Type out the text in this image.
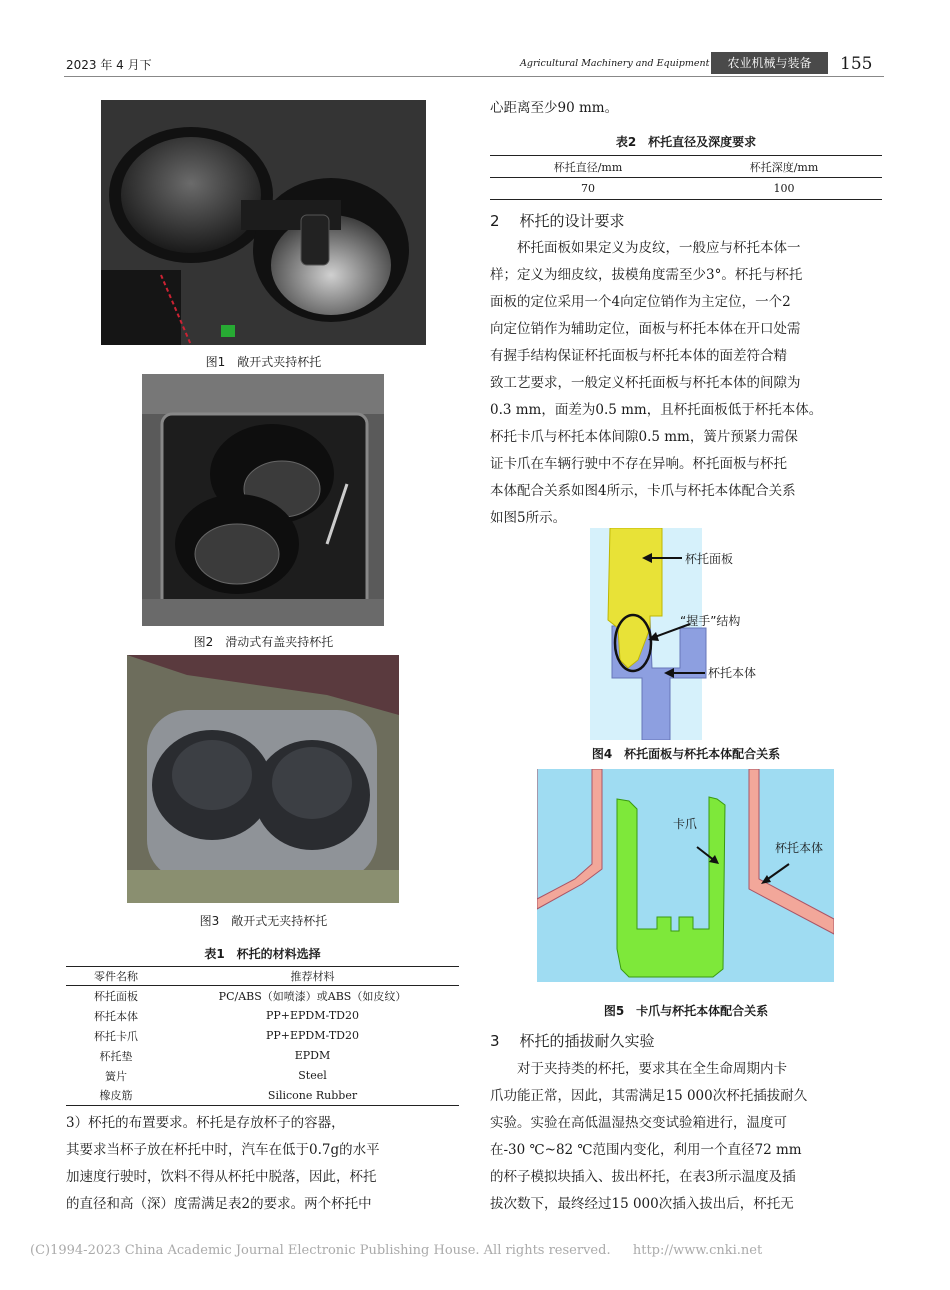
2023 年 4 月下	Agricultural Machinery and Equipment	农业机械与装备	155
图1　敞开式夹持杯托
图2　滑动式有盖夹持杯托
图3　敞开式无夹持杯托
表1　杯托的材料选择
零件名称	推荐材料
杯托面板	PC/ABS（如喷漆）或ABS（如皮纹）
杯托本体	PP+EPDM-TD20
杯托卡爪	PP+EPDM-TD20
杯托垫	EPDM
簧片	Steel
橡皮筋	Silicone Rubber
3）杯托的布置要求。杯托是存放杯子的容器，
其要求当杯子放在杯托中时，汽车在低于0.7g的水平
加速度行驶时，饮料不得从杯托中脱落，因此，杯托
的直径和高（深）度需满足表2的要求。两个杯托中
心距离至少90 mm。
表2　杯托直径及深度要求
杯托直径/mm	杯托深度/mm
70	100
2 杯托的设计要求
杯托面板如果定义为皮纹，一般应与杯托本体一
样；定义为细皮纹，拔模角度需至少3°。杯托与杯托
面板的定位采用一个4向定位销作为主定位，一个2
向定位销作为辅助定位，面板与杯托本体在开口处需
有握手结构保证杯托面板与杯托本体的面差符合精
致工艺要求，一般定义杯托面板与杯托本体的间隙为
0.3 mm，面差为0.5 mm，且杯托面板低于杯托本体。
杯托卡爪与杯托本体间隙0.5 mm，簧片预紧力需保
证卡爪在车辆行驶中不存在异响。杯托面板与杯托
本体配合关系如图4所示，卡爪与杯托本体配合关系
如图5所示。
杯托面板
“握手”结构
杯托本体
图4　杯托面板与杯托本体配合关系
卡爪
杯托本体
图5　卡爪与杯托本体配合关系
3 杯托的插拔耐久实验
对于夹持类的杯托，要求其在全生命周期内卡
爪功能正常，因此，其需满足15 000次杯托插拔耐久
实验。实验在高低温湿热交变试验箱进行，温度可
在-30 ℃~82 ℃范围内变化，利用一个直径72 mm
的杯子模拟块插入、拔出杯托，在表3所示温度及插
拔次数下，最终经过15 000次插入拔出后，杯托无
(C)1994-2023 China Academic Journal Electronic Publishing House. All rights reserved. http://www.cnki.net
